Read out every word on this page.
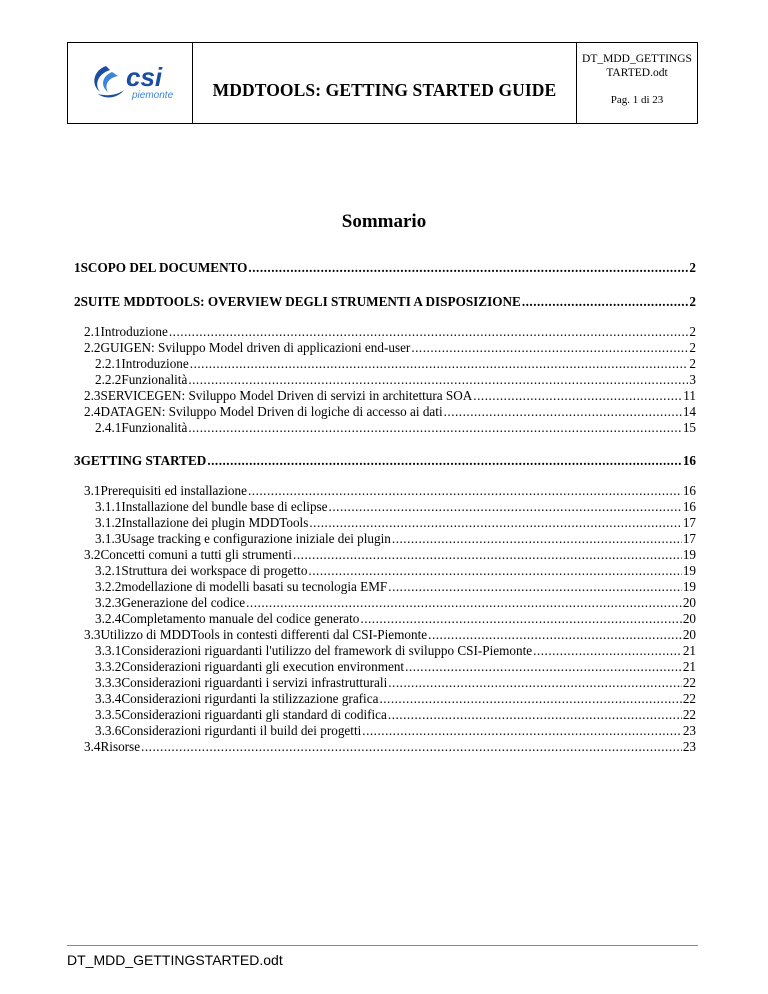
csi
piemonte MDDTOOLS: GETTING STARTED GUIDE
DT_MDD_GETTINGS
TARTED.odt
Pag. 1 di 23
Sommario
1SCOPO DEL DOCUMENTO .....	2
2SUITE MDDTOOLS: OVERVIEW DEGLI STRUMENTI A DISPOSIZIONE .....	2
2.1Introduzione .....	2
2.2GUIGEN: Sviluppo Model driven di applicazioni end-user .....	2
2.2.1Introduzione .....	2
2.2.2Funzionalità .....	3
2.3SERVICEGEN: Sviluppo Model Driven di servizi in architettura SOA .....	11
2.4DATAGEN: Sviluppo Model Driven di logiche di accesso ai dati .....	14
2.4.1Funzionalità .....	15
3GETTING STARTED .....	16
3.1Prerequisiti ed installazione .....	16
3.1.1Installazione del bundle base di eclipse .....	16
3.1.2Installazione dei plugin MDDTools .....	17
3.1.3Usage tracking e configurazione iniziale dei plugin .....	17
3.2Concetti comuni a tutti gli strumenti .....	19
3.2.1Struttura dei workspace di progetto .....	19
3.2.2modellazione di modelli basati su tecnologia EMF .....	19
3.2.3Generazione del codice .....	20
3.2.4Completamento manuale del codice generato .....	20
3.3Utilizzo di MDDTools in contesti differenti dal CSI-Piemonte .....	20
3.3.1Considerazioni riguardanti l'utilizzo del framework di sviluppo CSI-Piemonte .....	21
3.3.2Considerazioni riguardanti gli execution environment .....	21
3.3.3Considerazioni riguardanti i servizi infrastrutturali .....	22
3.3.4Considerazioni rigurdanti la stilizzazione grafica .....	22
3.3.5Considerazioni riguardanti gli standard di codifica .....	22
3.3.6Considerazioni rigurdanti il build dei progetti .....	23
3.4Risorse .....	23
DT_MDD_GETTINGSTARTED.odt
